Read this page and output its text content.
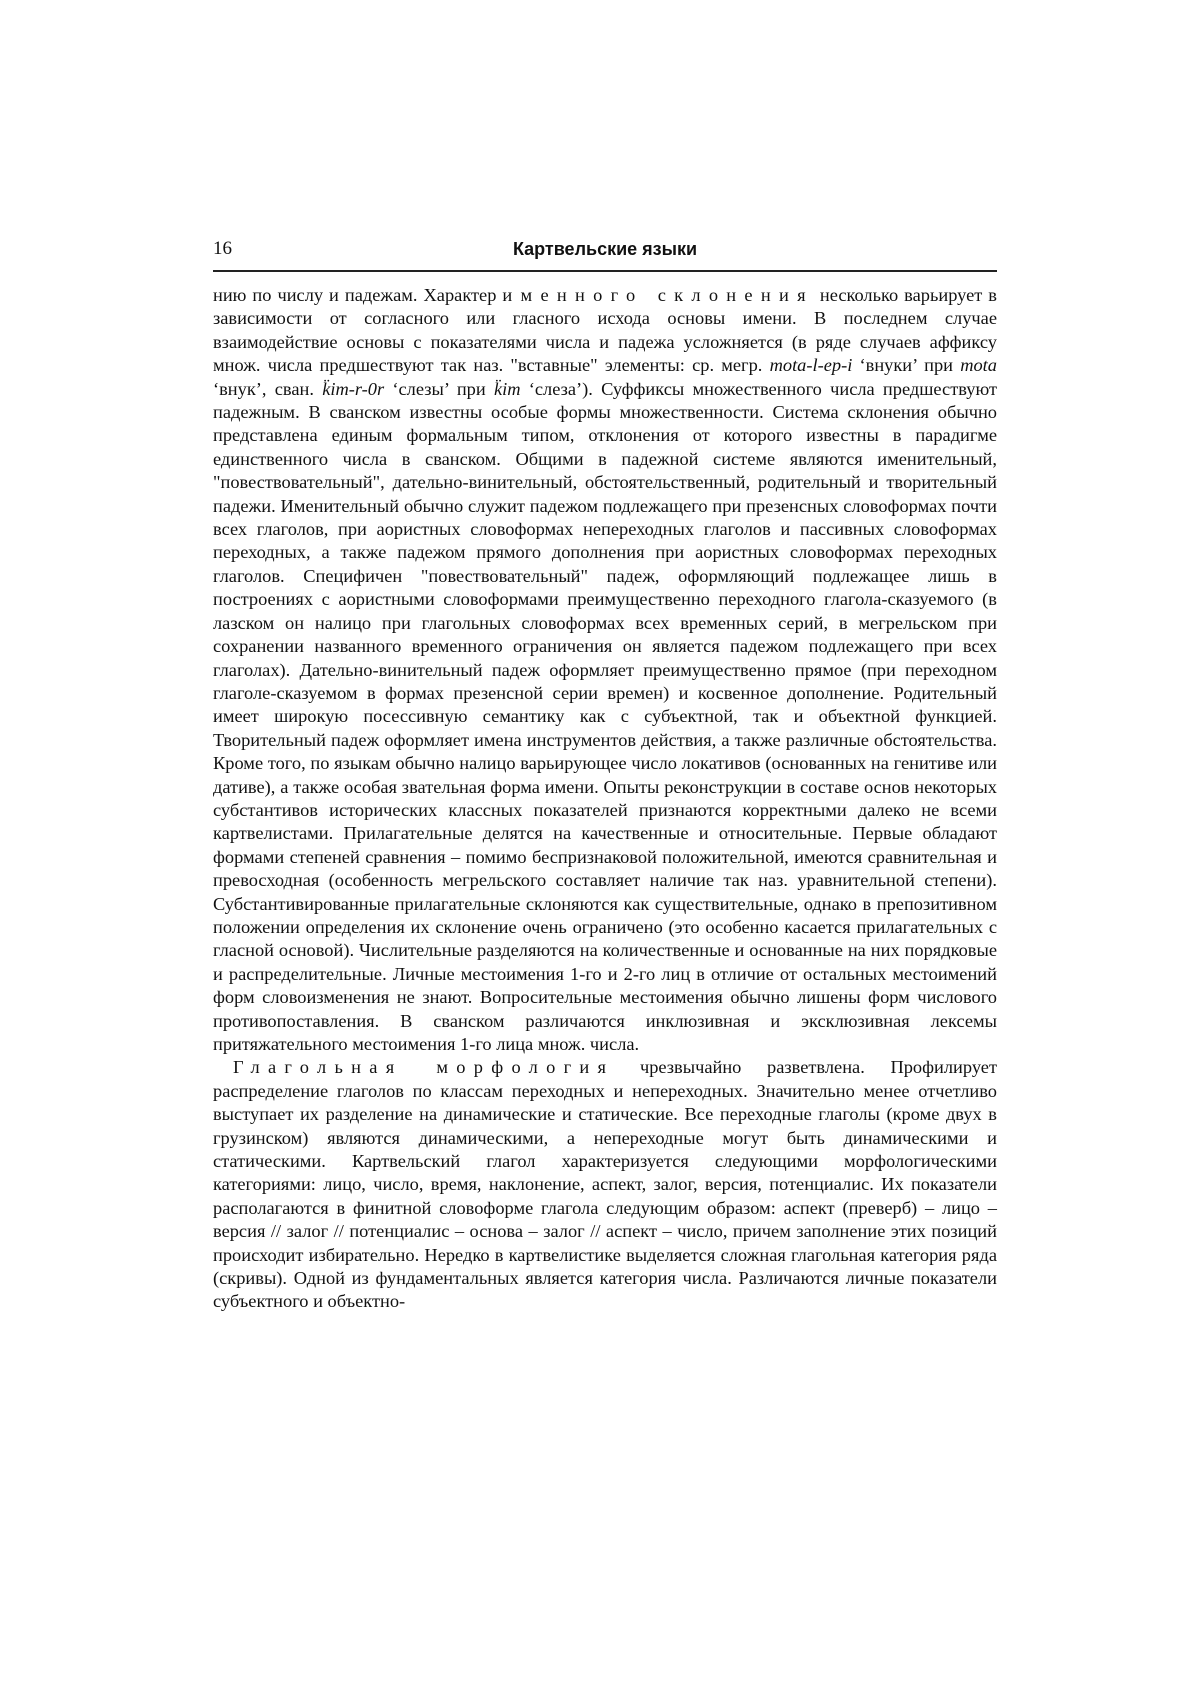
16	Картвельские языки

нию по числу и падежам. Характер именного склонения несколько варьирует в зависимости от согласного или гласного исхода основы имени. В последнем случае взаимодействие основы с показателями числа и падежа усложняется (в ряде случаев аффиксу множ. числа предшествуют так наз. "вставные" элементы: ср. мегр. mota-l-ep-i ‘внуки’ при mota ‘внук’, сван. k̈im-r-0r ‘слезы’ при k̈im ‘слеза’). Суффиксы множественного числа предшествуют падежным. В сванском известны особые формы множественности. Система склонения обычно представлена единым формальным типом, отклонения от которого известны в парадигме единственного числа в сванском. Общими в падежной системе являются именительный, "повествовательный", дательно-винительный, обстоятельственный, родительный и творительный падежи. Именительный обычно служит падежом подлежащего при презенсных словоформах почти всех глаголов, при аористных словоформах непереходных глаголов и пассивных словоформах переходных, а также падежом прямого дополнения при аористных словоформах переходных глаголов. Специфичен "повествовательный" падеж, оформляющий подлежащее лишь в построениях с аористными словоформами преимущественно переходного глагола-сказуемого (в лазском он налицо при глагольных словоформах всех временных серий, в мегрельском при сохранении названного временного ограничения он является падежом подлежащего при всех глаголах). Дательно-винительный падеж оформляет преимущественно прямое (при переходном глаголе-сказуемом в формах презенсной серии времен) и косвенное дополнение. Родительный имеет широкую посессивную семантику как с субъектной, так и объектной функцией. Творительный падеж оформляет имена инструментов действия, а также различные обстоятельства. Кроме того, по языкам обычно налицо варьирующее число локативов (основанных на генитиве или дативе), а также особая звательная форма имени. Опыты реконструкции в составе основ некоторых субстантивов исторических классных показателей признаются корректными далеко не всеми картвелистами. Прилагательные делятся на качественные и относительные. Первые обладают формами степеней сравнения – помимо беспризнаковой положительной, имеются сравнительная и превосходная (особенность мегрельского составляет наличие так наз. уравнительной степени). Субстантивированные прилагательные склоняются как существительные, однако в препозитивном положении определения их склонение очень ограничено (это особенно касается прилагательных с гласной основой). Числительные разделяются на количественные и основанные на них порядковые и распределительные. Личные местоимения 1-го и 2-го лиц в отличие от остальных местоимений форм словоизменения не знают. Вопросительные местоимения обычно лишены форм числового противопоставления. В сванском различаются инклюзивная и эксклюзивная лексемы притяжательного местоимения 1-го лица множ. числа.

Глагольная морфология чрезвычайно разветвлена. Профилирует распределение глаголов по классам переходных и непереходных. Значительно менее отчетливо выступает их разделение на динамические и статические. Все переходные глаголы (кроме двух в грузинском) являются динамическими, а непереходные могут быть динамическими и статическими. Картвельский глагол характеризуется следующими морфологическими категориями: лицо, число, время, наклонение, аспект, залог, версия, потенциалис. Их показатели располагаются в финитной словоформе глагола следующим образом: аспект (преверб) – лицо – версия // залог // потенциалис – основа – залог // аспект – число, причем заполнение этих позиций происходит избирательно. Нередко в картвелистике выделяется сложная глагольная категория ряда (скривы). Одной из фундаментальных является категория числа. Различаются личные показатели субъектного и объектно-
